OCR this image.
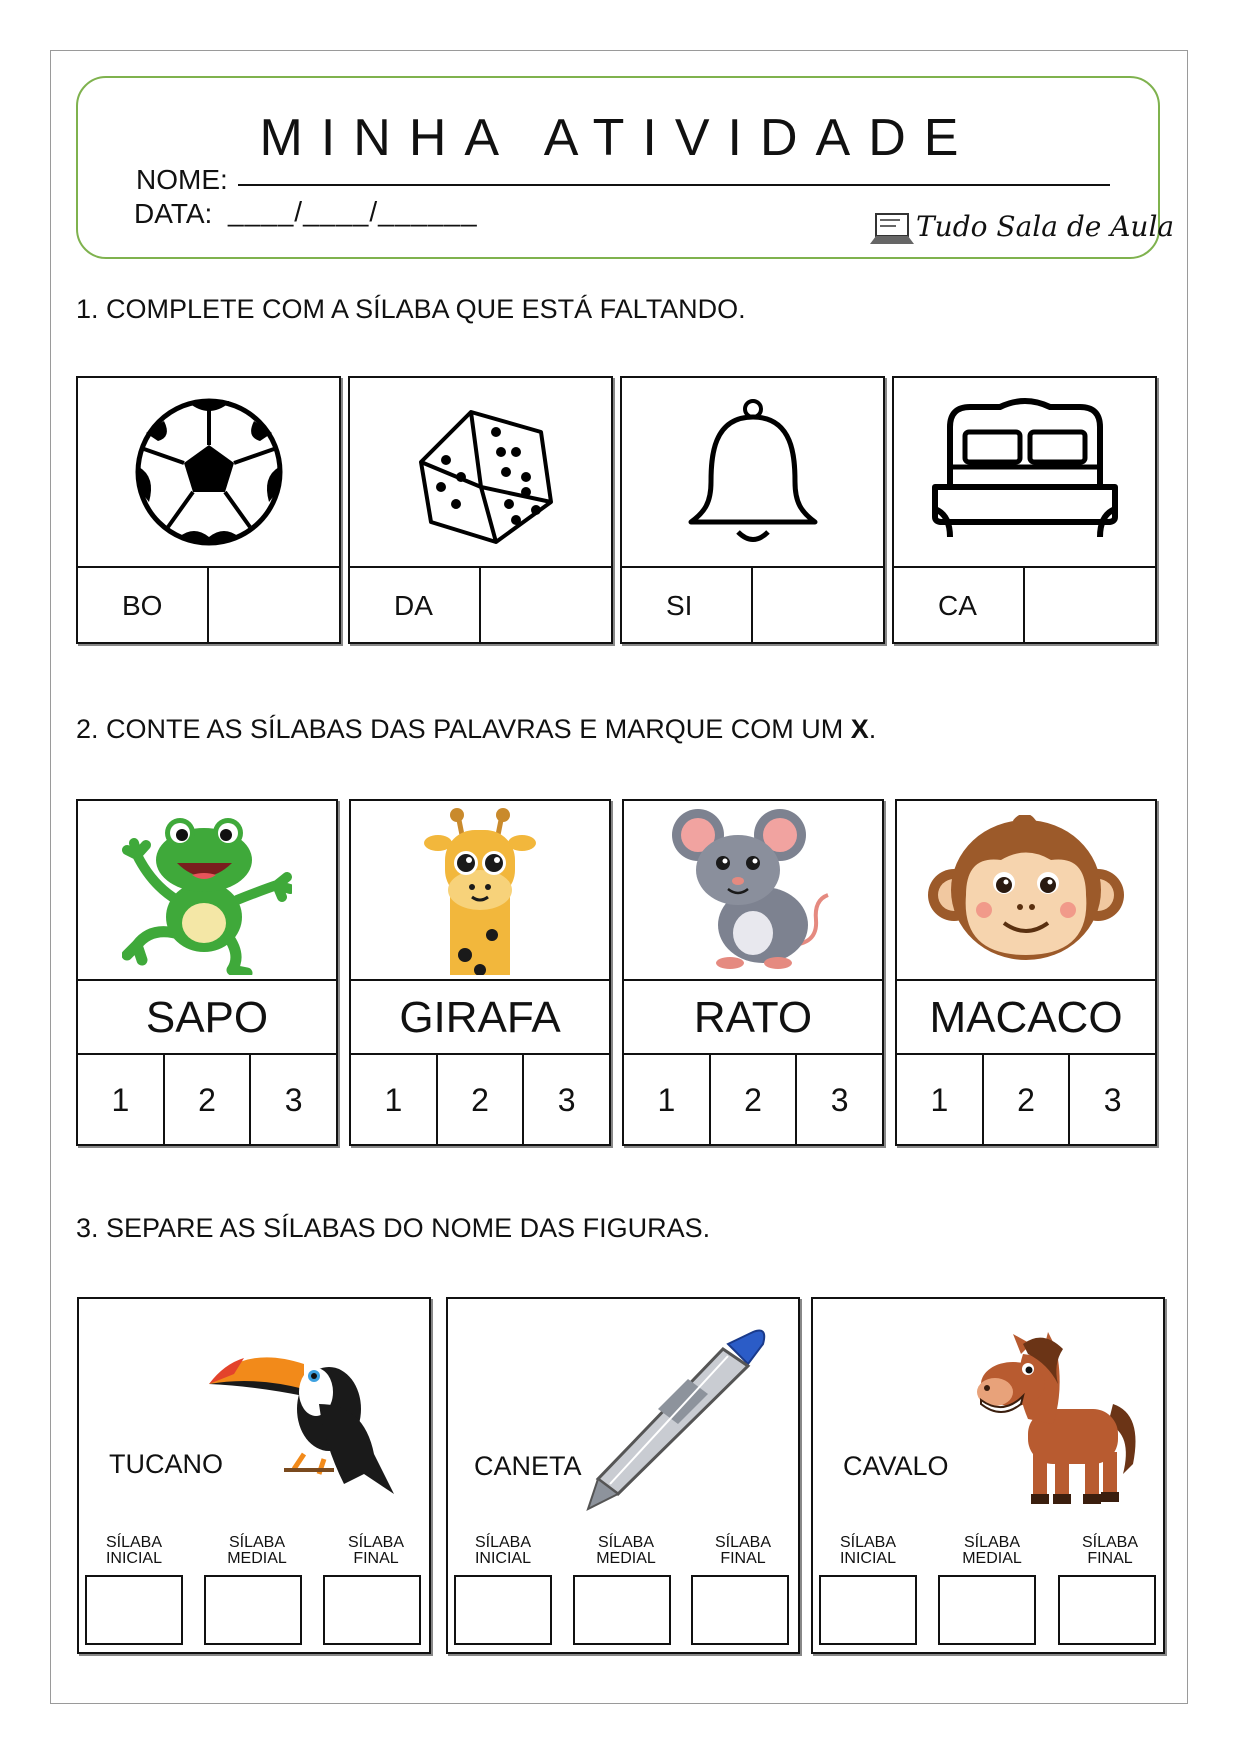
MINHA ATIVIDADE
NOME:
DATA: ____/____/______	Tudo Sala de Aula
1. COMPLETE COM A SÍLABA QUE ESTÁ FALTANDO.
BO	DA	SI	CA
2. CONTE AS SÍLABAS DAS PALAVRAS E MARQUE COM UM X.
SAPO
1	2	3
GIRAFA
1	2	3
RATO
1	2	3
MACACO
1	2	3
3. SEPARE AS SÍLABAS DO NOME DAS FIGURAS.
TUCANO
SÍLABA
INICIAL
SÍLABA
MEDIAL
SÍLABA
FINAL
CANETA
SÍLABA
INICIAL
SÍLABA
MEDIAL
SÍLABA
FINAL
CAVALO
SÍLABA
INICIAL
SÍLABA
MEDIAL
SÍLABA
FINAL
